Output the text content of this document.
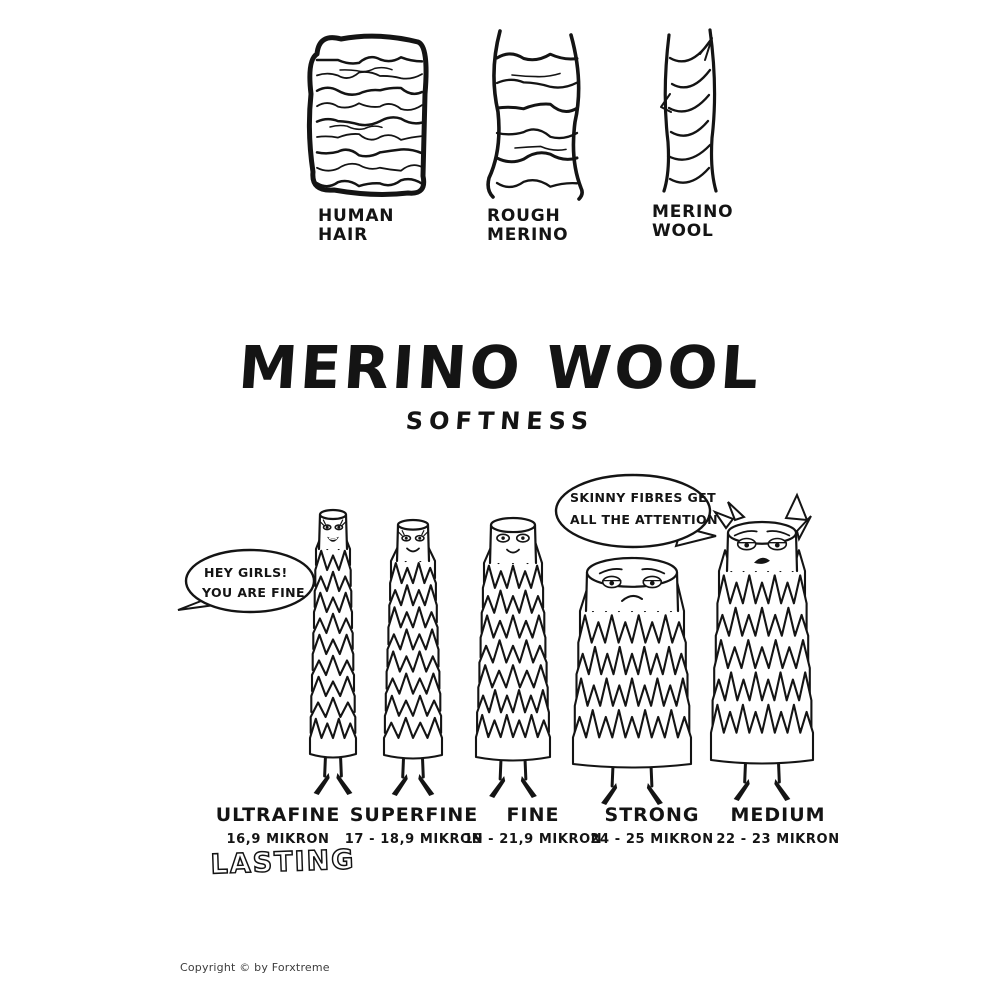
HUMAN
HAIR
ROUGH
MERINO
MERINO
WOOL
MERINO WOOL
SOFTNESS
HEY GIRLS!
YOU ARE FINE
SKINNY FIBRES GET
ALL THE ATTENTION
ULTRAFINE
16,9 MIKRON
SUPERFINE
17 - 18,9 MIKRON
FINE
19 - 21,9 MIKRON
STRONG
24 - 25 MIKRON
MEDIUM
22 - 23 MIKRON
LASTING
Copyright © by Forxtreme
